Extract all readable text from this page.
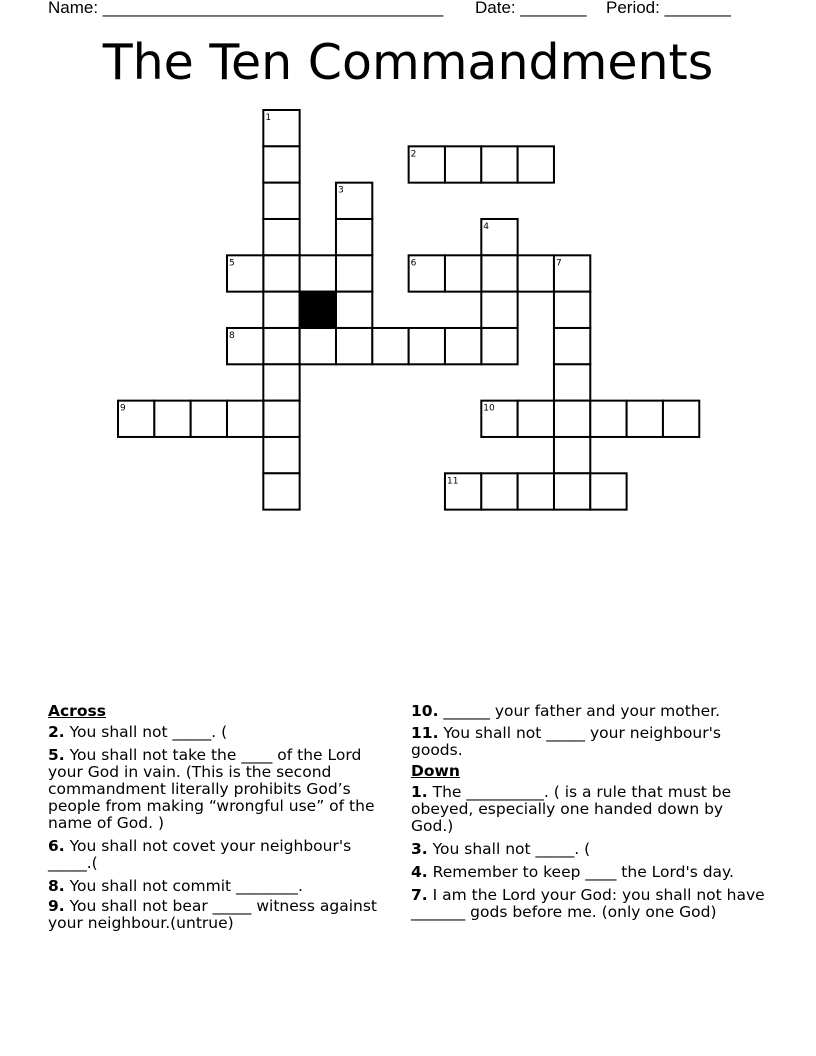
Name: ____________________________________ Date: _______ Period: _______
The Ten Commandments
1
2
3
4
5	6	7
8
9	10
11
Across
2. You shall not _____. (
5. You shall not take the ____ of the Lord your God in vain. (This is the second commandment literally prohibits God’s people from making “wrongful use” of the name of God. )
6. You shall not covet your neighbour's _____.(
8. You shall not commit ________.
9. You shall not bear _____ witness against your neighbour.(untrue)
10. ______ your father and your mother.
11. You shall not _____ your neighbour's goods.
Down
1. The __________. ( is a rule that must be obeyed, especially one handed down by God.)
3. You shall not _____. (
4. Remember to keep ____ the Lord's day.
7. I am the Lord your God: you shall not have _______ gods before me. (only one God)
